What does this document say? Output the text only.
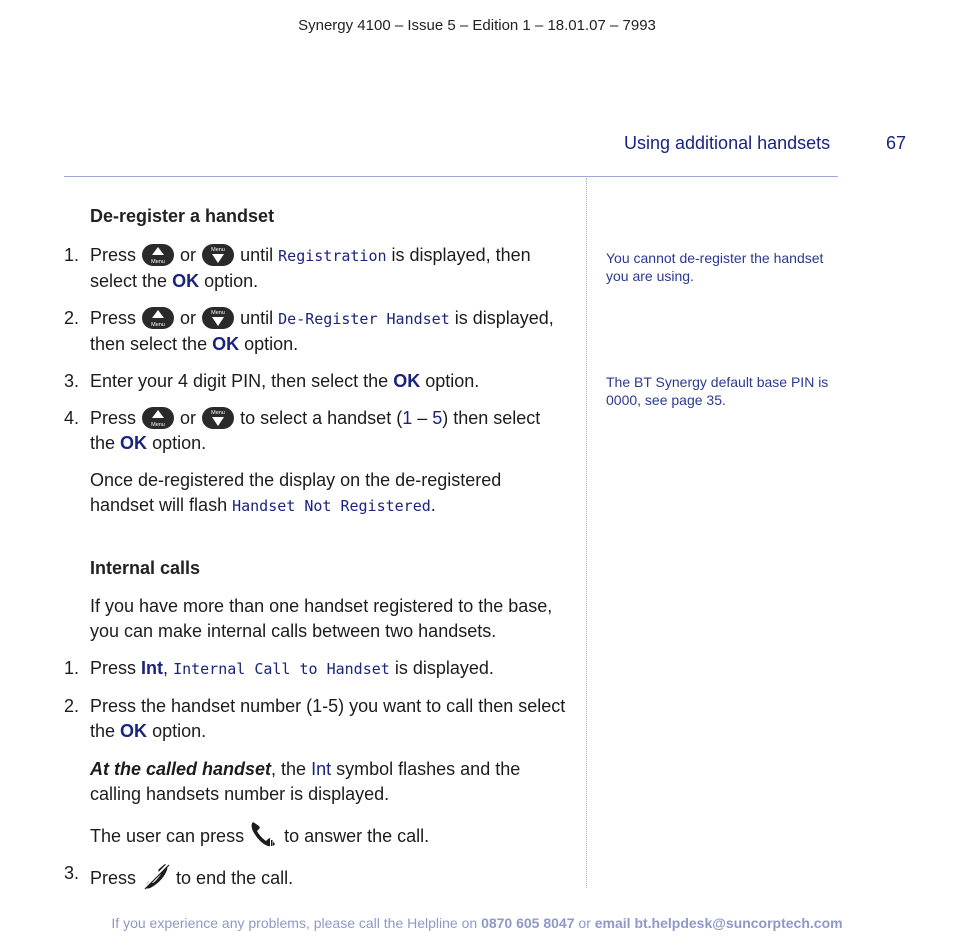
Synergy 4100 – Issue 5 – Edition 1 – 18.01.07 – 7993
Using additional handsets	67
De-register a handset
1. Press	Menu or	Menu until Registration is displayed, then select the OK option.
2. Press	Menu or	Menu until De-Register Handset is displayed, then select the OK option.
3. Enter your 4 digit PIN, then select the OK option.
4. Press	Menu or	Menu to select a handset (1 – 5) then select the OK option.
Once de-registered the display on the de-registered handset will flash Handset Not Registered.
Internal calls
If you have more than one handset registered to the base, you can make internal calls between two handsets.
1. Press Int, Internal Call to Handset is displayed.
2. Press the handset number (1-5) you want to call then select the OK option.
At the called handset, the Int symbol flashes and the calling handsets number is displayed.
The user can press to answer the call.
3. Press to end the call.
You cannot de-register the handset you are using.
The BT Synergy default base PIN is 0000, see page 35.
If you experience any problems, please call the Helpline on 0870 605 8047 or email bt.helpdesk@suncorptech.com
